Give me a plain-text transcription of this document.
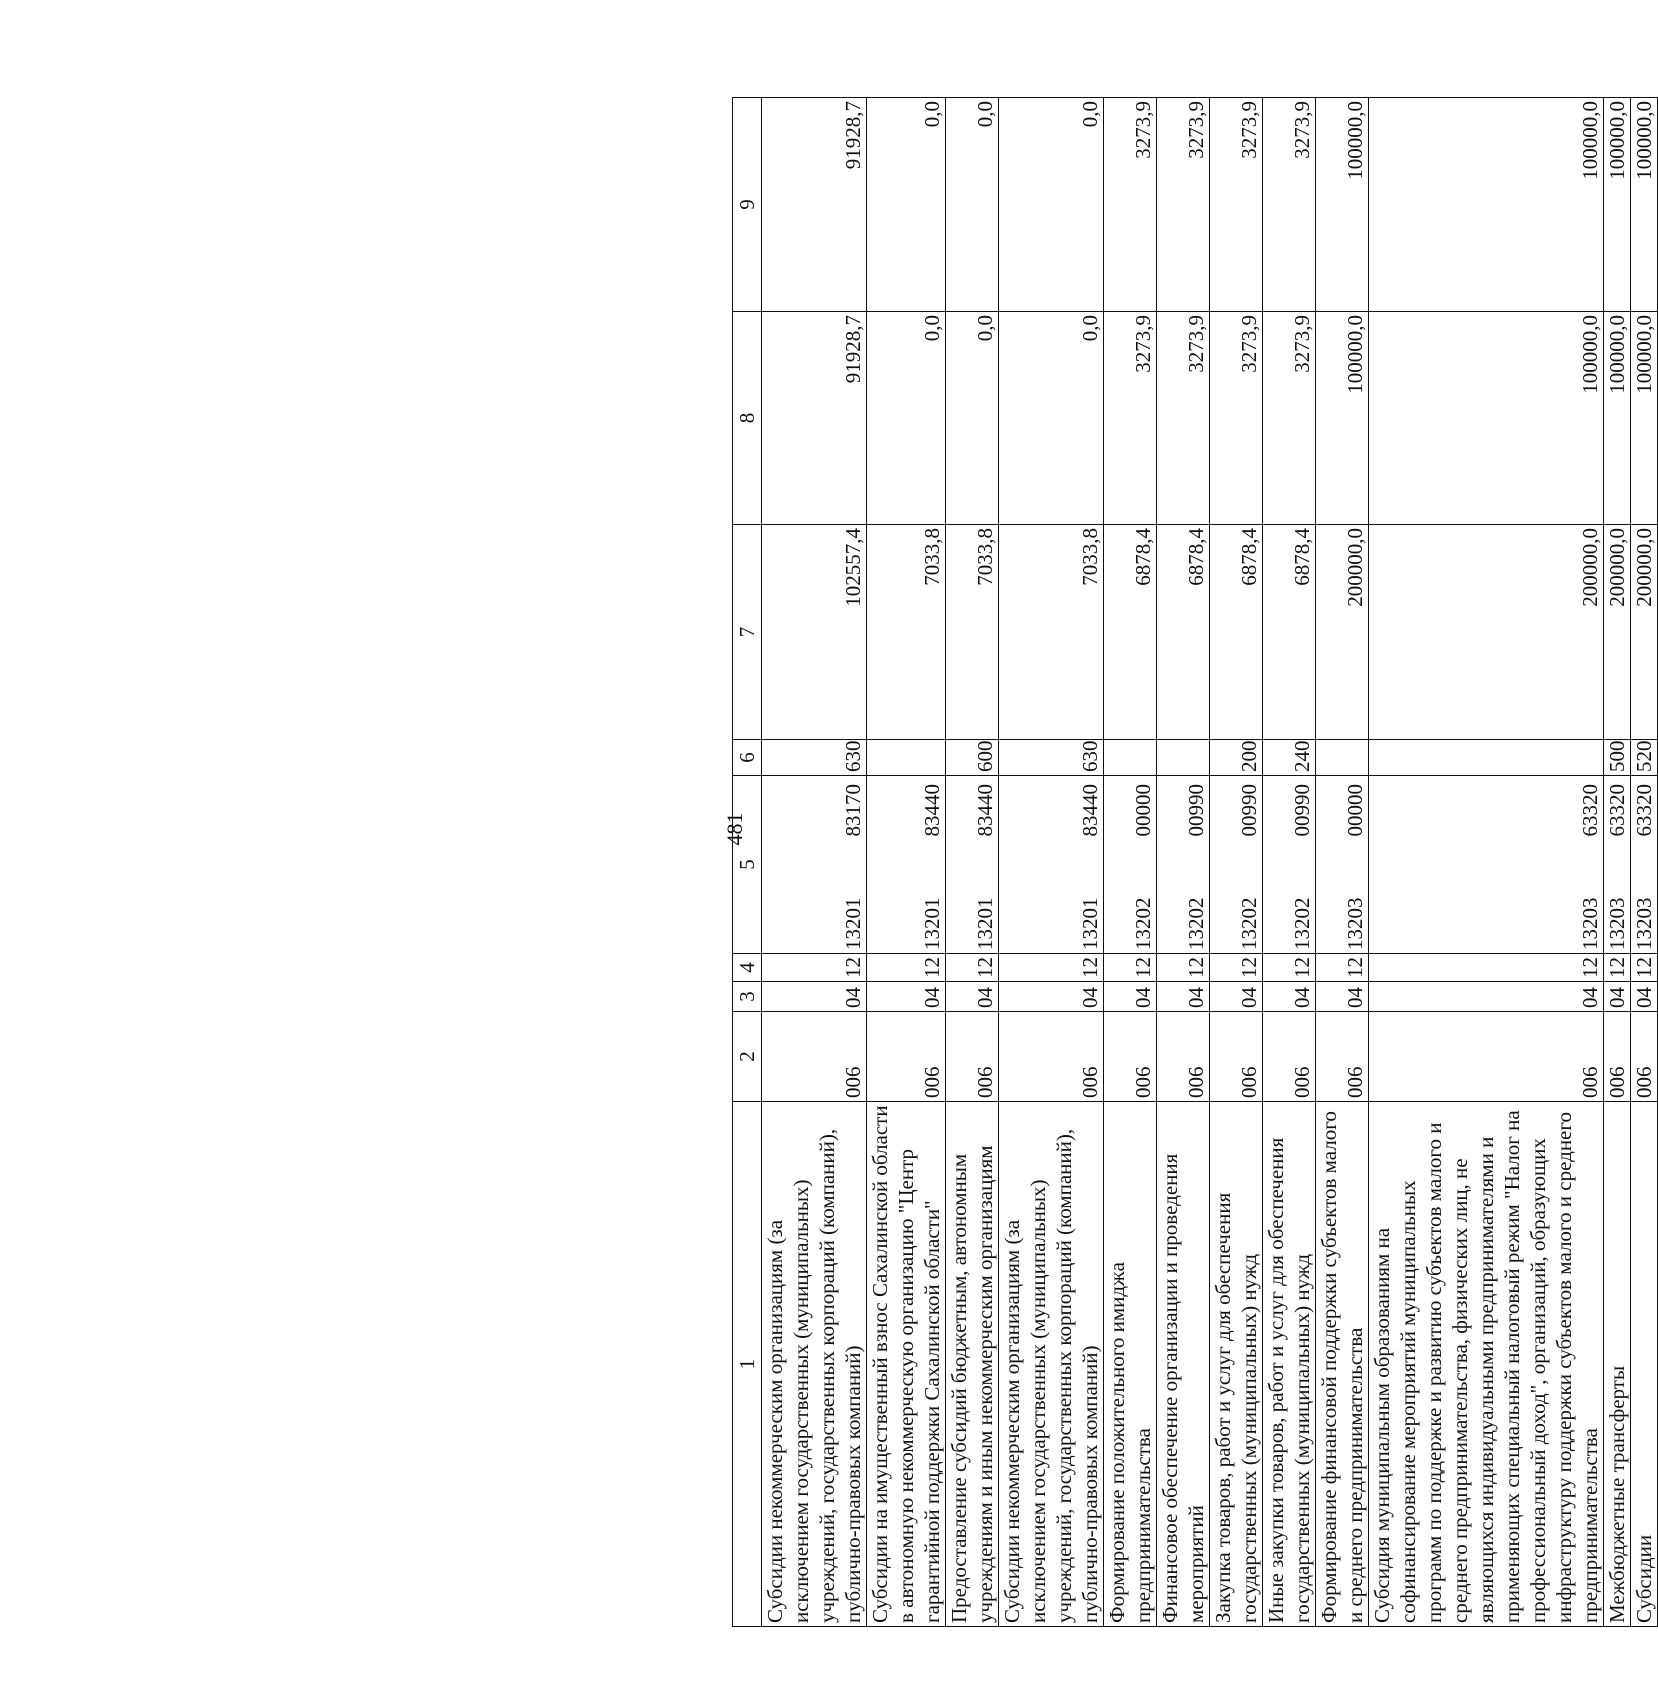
481
1	2	3	4	5	6	7	8	9
Субсидии некоммерческим организациям (за исключением государственных (муниципальных) учреждений, государственных корпораций (компаний), публично-правовых компаний)	006	04	12	1320183170	630	102557,4	91928,7	91928,7
Субсидии на имущественный взнос Сахалинской области в автономную некоммерческую организацию "Центр гарантийной поддержки Сахалинской области"	006	04	12	1320183440		7033,8	0,0	0,0
Предоставление субсидий бюджетным, автономным учреждениям и иным некоммерческим организациям	006	04	12	1320183440	600	7033,8	0,0	0,0
Субсидии некоммерческим организациям (за исключением государственных (муниципальных) учреждений, государственных корпораций (компаний), публично-правовых компаний)	006	04	12	1320183440	630	7033,8	0,0	0,0
Формирование положительного имиджа предпринимательства	006	04	12	1320200000		6878,4	3273,9	3273,9
Финансовое обеспечение организации и проведения мероприятий	006	04	12	1320200990		6878,4	3273,9	3273,9
Закупка товаров, работ и услуг для обеспечения государственных (муниципальных) нужд	006	04	12	1320200990	200	6878,4	3273,9	3273,9
Иные закупки товаров, работ и услуг для обеспечения государственных (муниципальных) нужд	006	04	12	1320200990	240	6878,4	3273,9	3273,9
Формирование финансовой поддержки субъектов малого и среднего предпринимательства	006	04	12	1320300000		200000,0	100000,0	100000,0
Субсидия муниципальным образованиям на софинансирование мероприятий муниципальных программ по поддержке и развитию субъектов малого и среднего предпринимательства, физических лиц, не являющихся индивидуальными предпринимателями и применяющих специальный налоговый режим "Налог на профессиональный доход", организаций, образующих инфраструктуру поддержки субъектов малого и среднего предпринимательства	006	04	12	1320363320		200000,0	100000,0	100000,0
Межбюджетные трансферты	006	04	12	1320363320	500	200000,0	100000,0	100000,0
Субсидии	006	04	12	1320363320	520	200000,0	100000,0	100000,0
